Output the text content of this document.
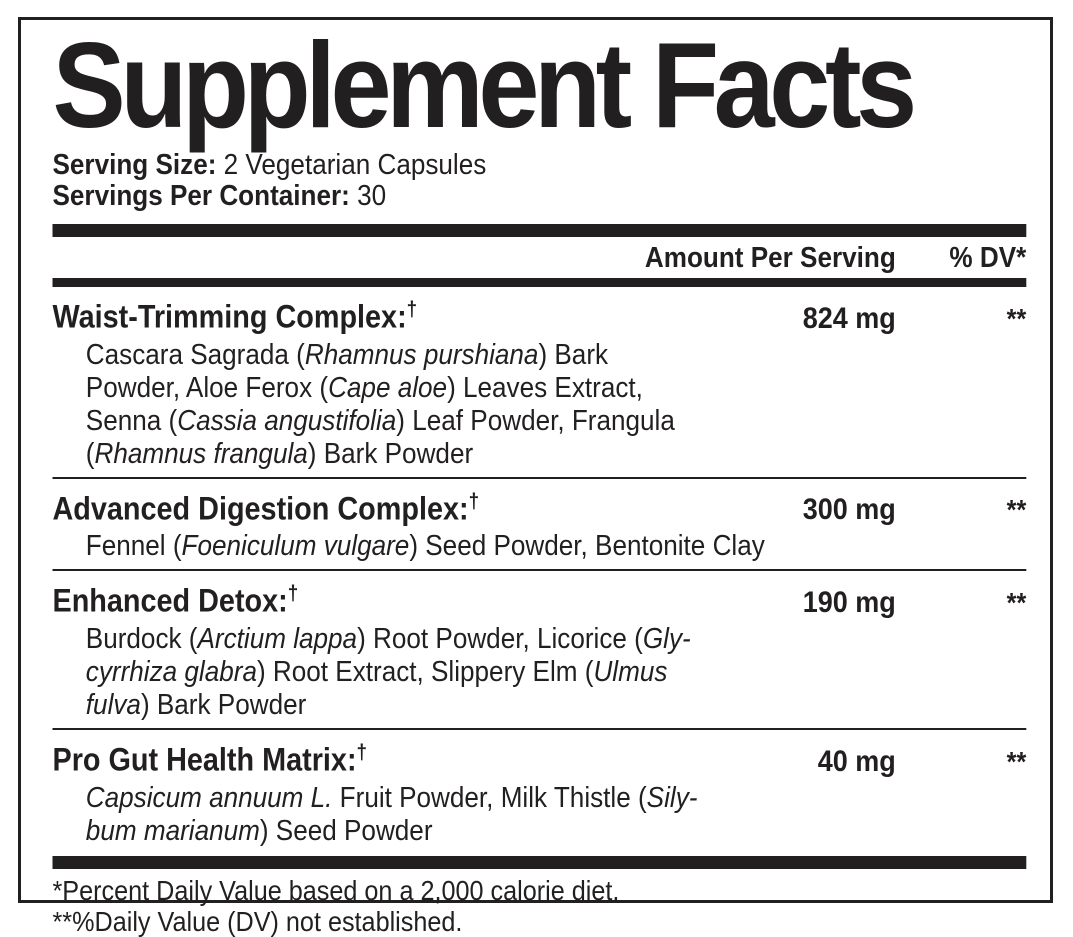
Supplement Facts
Serving Size: 2 Vegetarian Capsules
Servings Per Container: 30
Amount Per Serving	% DV*
Waist-Trimming Complex:†	824 mg	**
Cascara Sagrada (Rhamnus purshiana) Bark
Powder, Aloe Ferox (Cape aloe) Leaves Extract,
Senna (Cassia angustifolia) Leaf Powder, Frangula
(Rhamnus frangula) Bark Powder
Advanced Digestion Complex:†	300 mg	**
Fennel (Foeniculum vulgare) Seed Powder, Bentonite Clay
Enhanced Detox:†	190 mg	**
Burdock (Arctium lappa) Root Powder, Licorice (Gly-
cyrrhiza glabra) Root Extract, Slippery Elm (Ulmus
fulva) Bark Powder
Pro Gut Health Matrix:†	40 mg	**
Capsicum annuum L. Fruit Powder, Milk Thistle (Sily-
bum marianum) Seed Powder
*Percent Daily Value based on a 2,000 calorie diet.
**%Daily Value (DV) not established.
